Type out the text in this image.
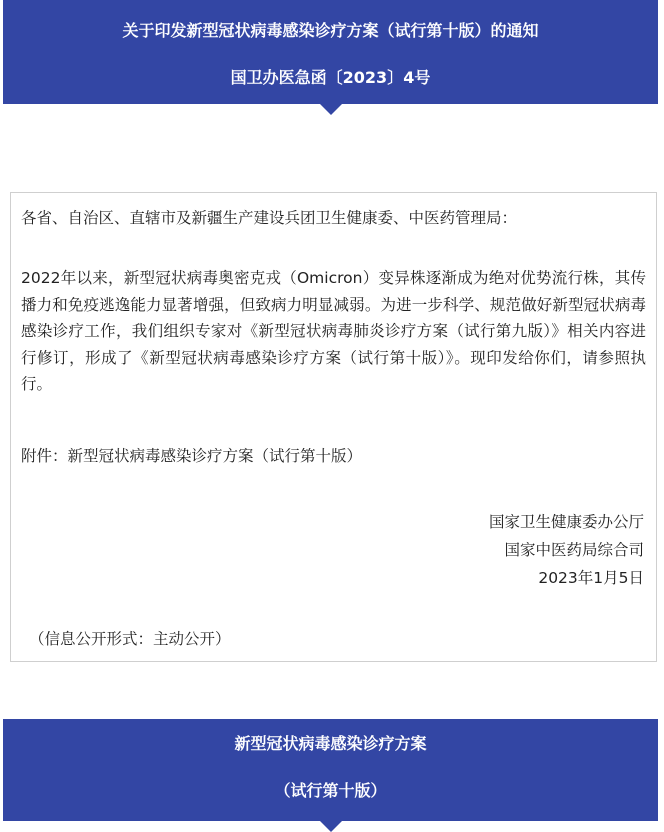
关于印发新型冠状病毒感染诊疗方案（试行第十版）的通知
国卫办医急函〔2023〕4号
各省、自治区、直辖市及新疆生产建设兵团卫生健康委、中医药管理局：
2022年以来，新型冠状病毒奥密克戎（Omicron）变异株逐渐成为绝对优势流行株，其传播力和免疫逃逸能力显著增强，但致病力明显减弱。为进一步科学、规范做好新型冠状病毒感染诊疗工作，我们组织专家对《新型冠状病毒肺炎诊疗方案（试行第九版）》相关内容进行修订，形成了《新型冠状病毒感染诊疗方案（试行第十版）》。现印发给你们，请参照执行。
附件：新型冠状病毒感染诊疗方案（试行第十版）
国家卫生健康委办公厅
国家中医药局综合司
2023年1月5日
（信息公开形式：主动公开）
新型冠状病毒感染诊疗方案
（试行第十版）
